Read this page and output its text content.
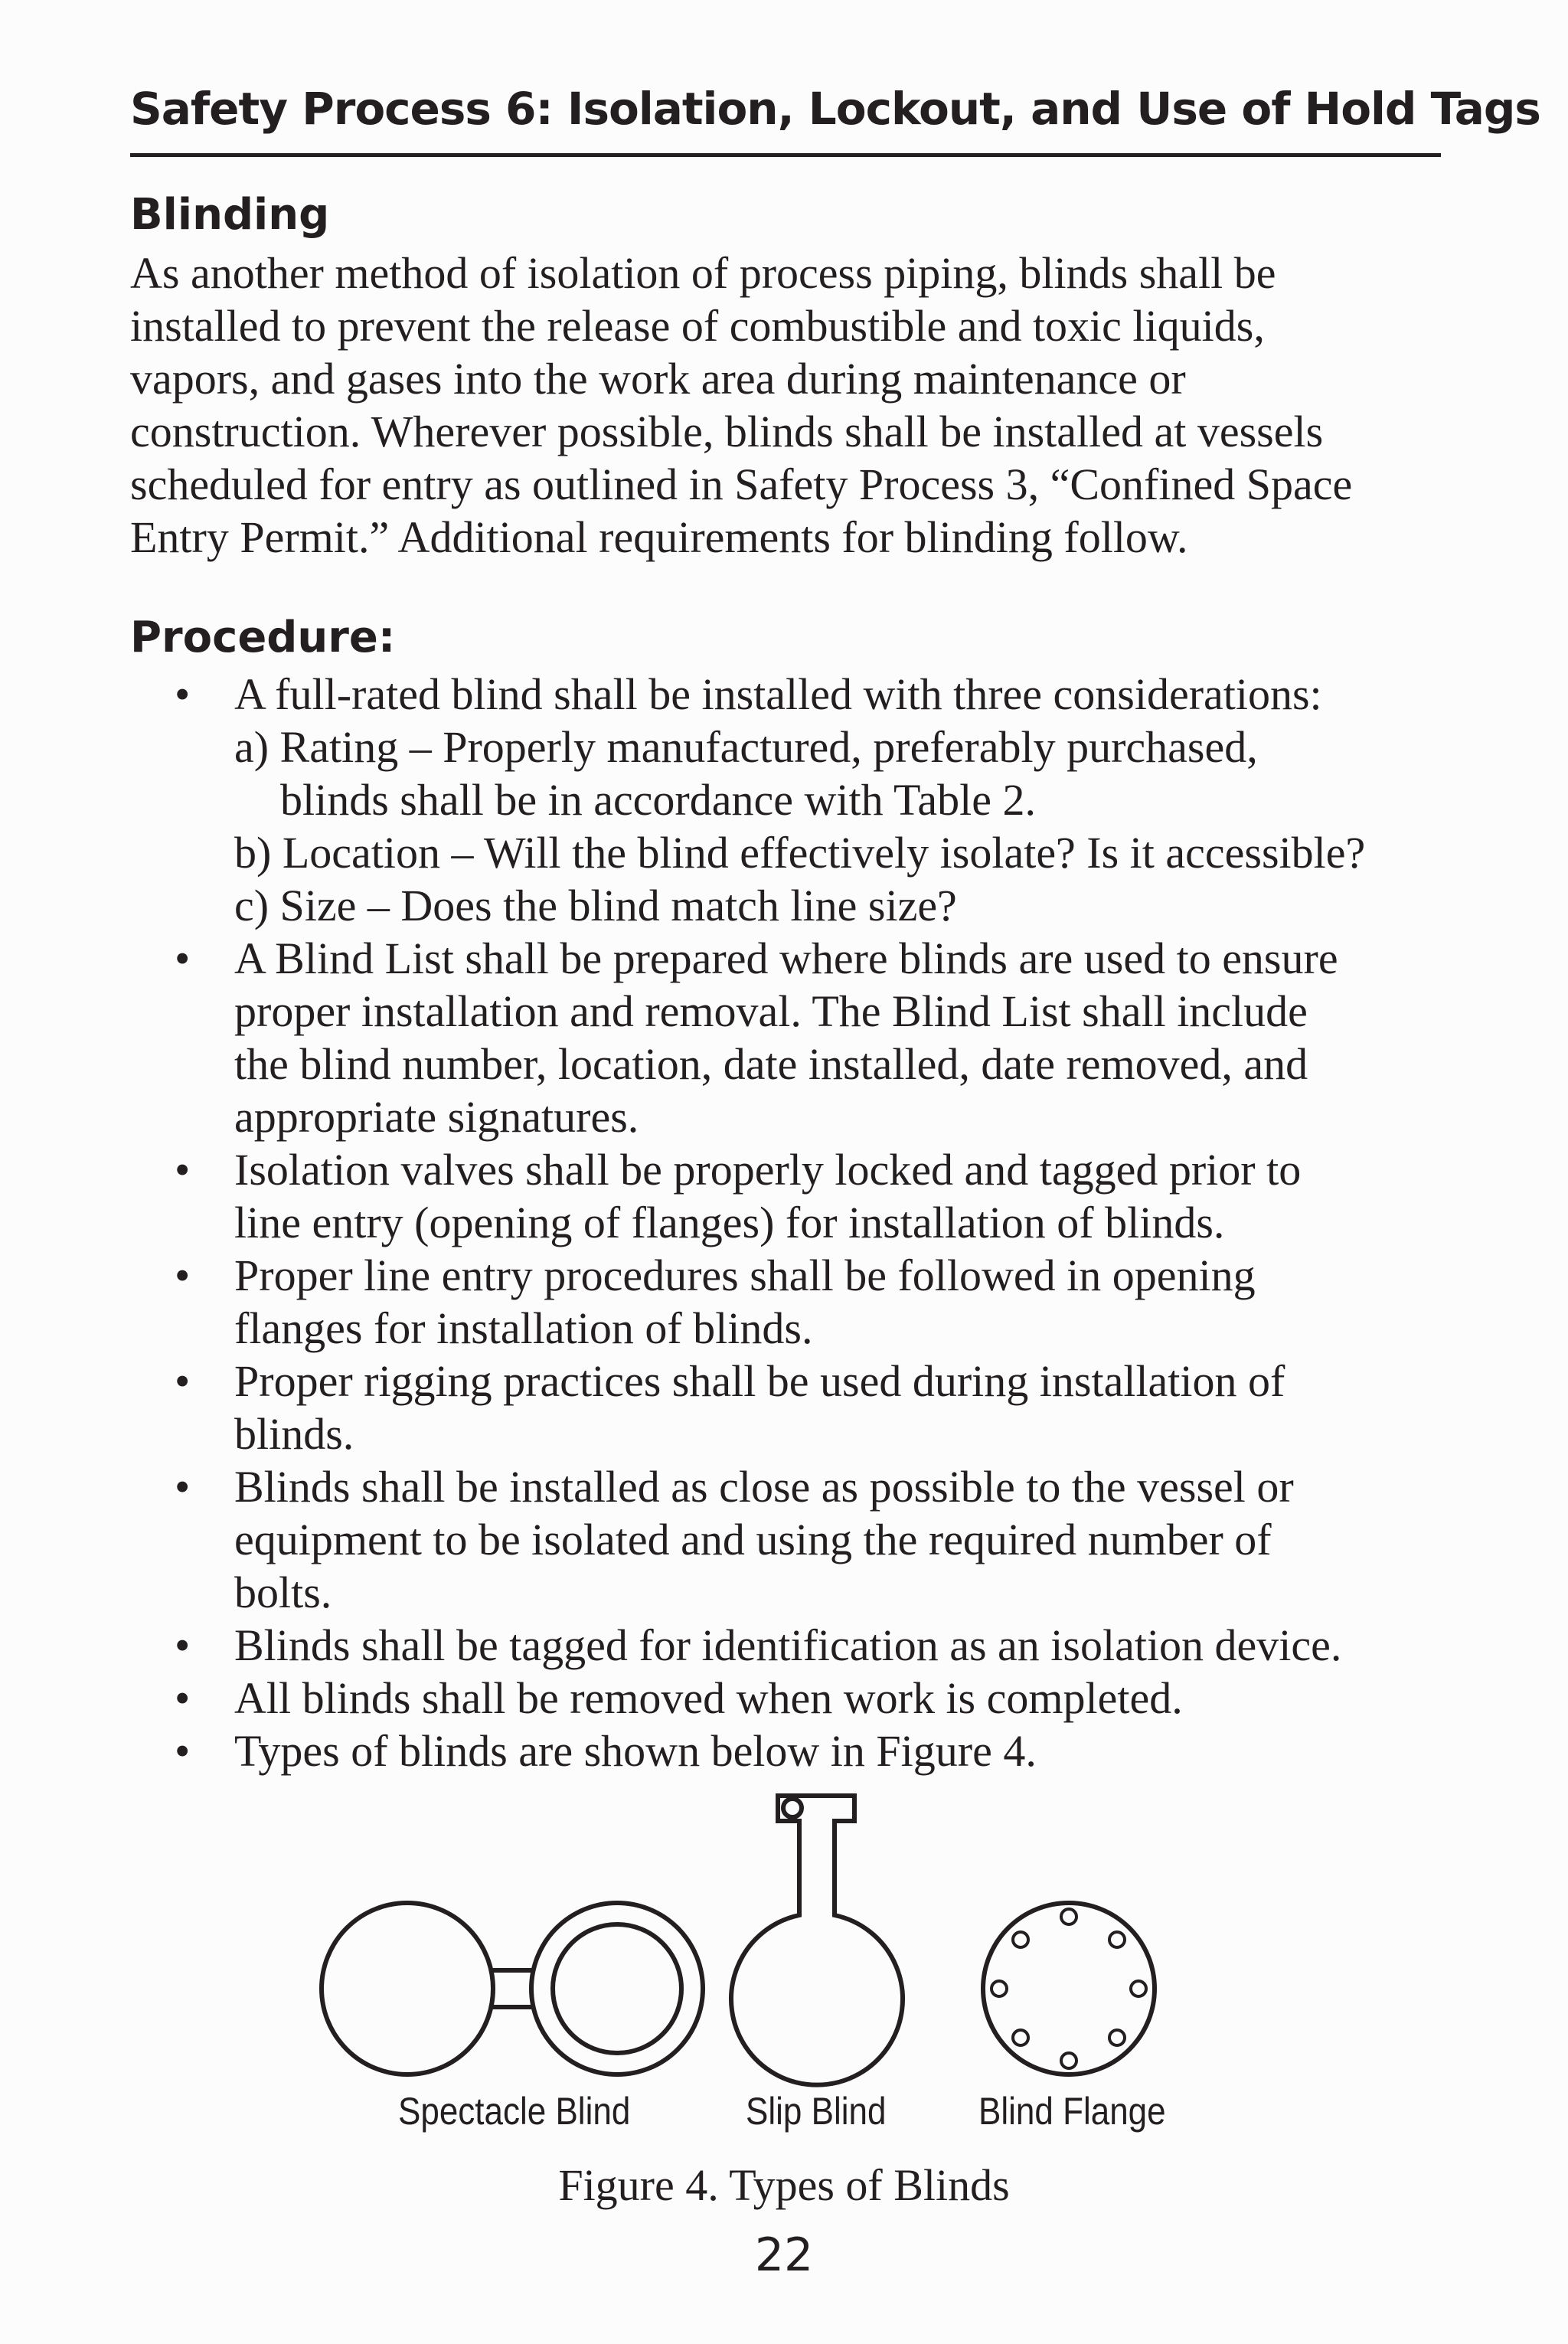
Safety Process 6: Isolation, Lockout, and Use of Hold Tags
Blinding
As another method of isolation of process piping, blinds shall be
installed to prevent the release of combustible and toxic liquids,
vapors, and gases into the work area during maintenance or
construction. Wherever possible, blinds shall be installed at vessels
scheduled for entry as outlined in Safety Process 3, “Confined Space
Entry Permit.” Additional requirements for blinding follow.
Procedure:
• A full-rated blind shall be installed with three considerations:
a) Rating – Properly manufactured, preferably purchased,
blinds shall be in accordance with Table 2.
b) Location – Will the blind effectively isolate? Is it accessible?
c) Size – Does the blind match line size?
• A Blind List shall be prepared where blinds are used to ensure
proper installation and removal. The Blind List shall include
the blind number, location, date installed, date removed, and
appropriate signatures.
• Isolation valves shall be properly locked and tagged prior to
line entry (opening of flanges) for installation of blinds.
• Proper line entry procedures shall be followed in opening
flanges for installation of blinds.
• Proper rigging practices shall be used during installation of
blinds.
• Blinds shall be installed as close as possible to the vessel or
equipment to be isolated and using the required number of
bolts.
• Blinds shall be tagged for identification as an isolation device.
• All blinds shall be removed when work is completed.
• Types of blinds are shown below in Figure 4.
Spectacle Blind	Slip Blind Blind Flange
Figure 4. Types of Blinds
22
